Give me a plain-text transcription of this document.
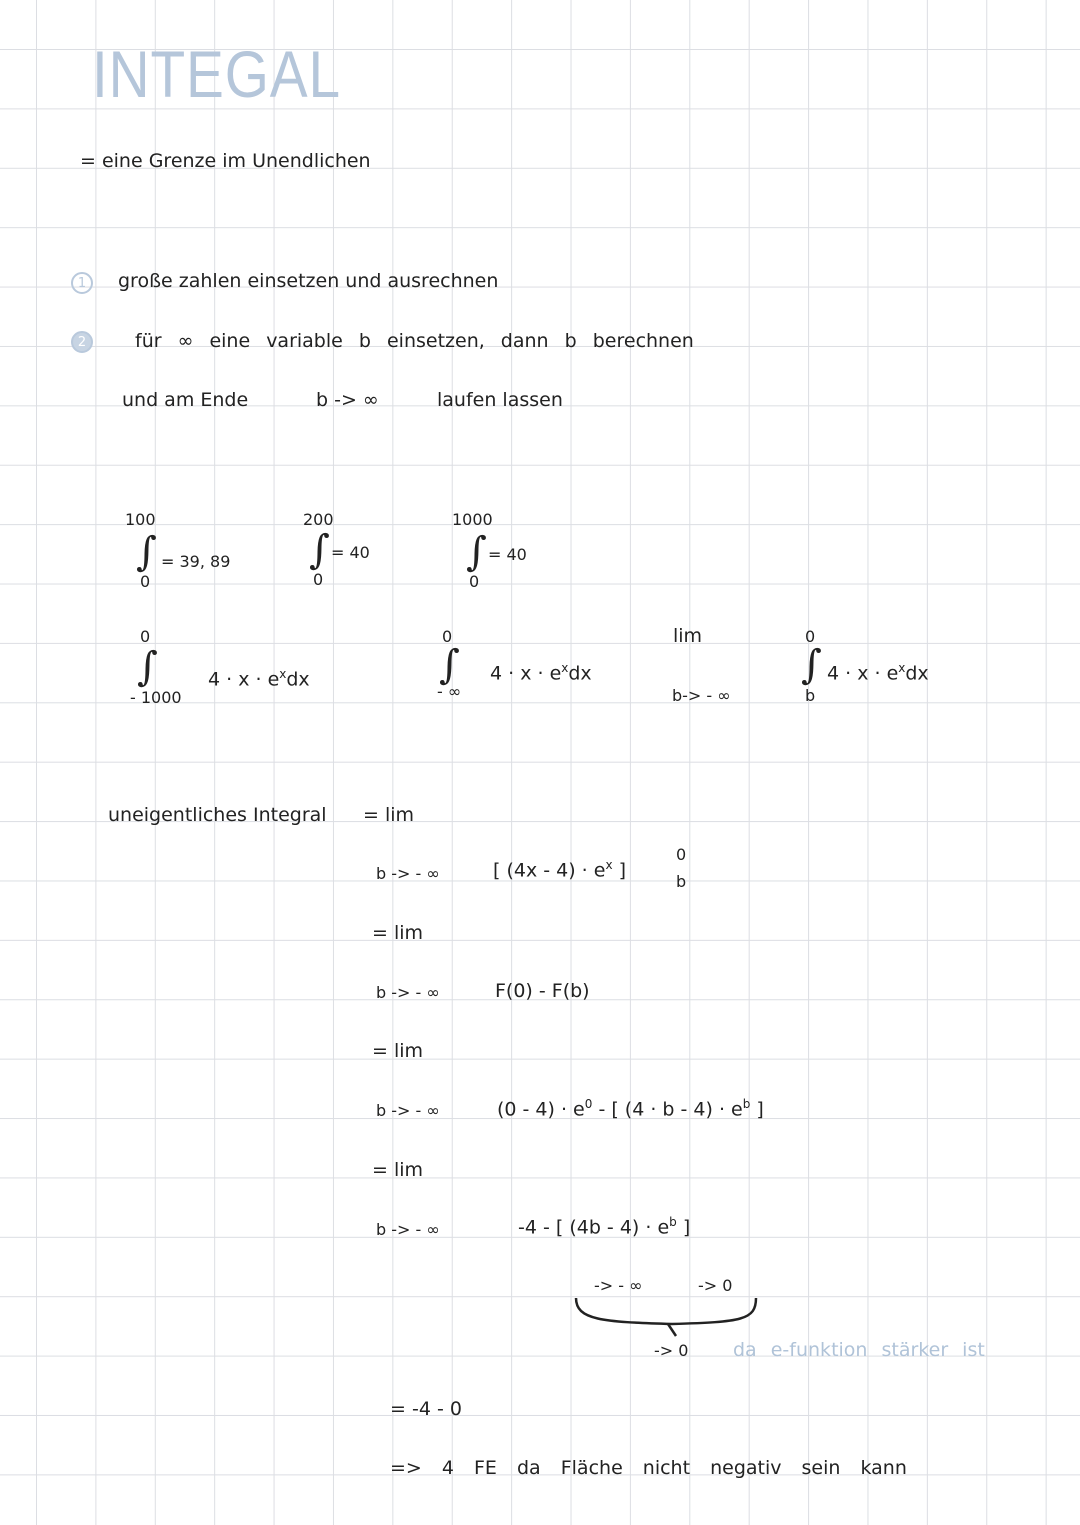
INTEGAL
= eine Grenze im Unendlichen
1	große zahlen einsetzen und ausrechnen
2	für ∞ eine variable b einsetzen, dann b berechnen
und am Ende	b -> ∞	laufen lassen
100
∫ = 39, 89
0
200
∫ = 40
0
1000
∫ = 40
0
0
∫	$4 \cdot x \cdot e^xdx$
- 1000
0
∫ $4 \cdot x \cdot e^xdx$
- ∞
lim
b-> - ∞
0
∫ $4 \cdot x \cdot e^xdx$
b
uneigentliches Integral = lim
b -> - ∞	[ $(4x - 4) \cdot e^x$ ]
0
b
= lim
b -> - ∞	F(0) - F(b)
= lim
b -> - ∞	$(0 - 4) \cdot e^0$ - [ $(4 \cdot b - 4) \cdot e^b$ ]
= lim
b -> - ∞	-4 - [ $(4b - 4) \cdot e^b$ ]
-> - ∞	-> 0
-> 0 da e-funktion stärker ist
= -4 - 0
=> 4 FE da Fläche nicht negativ sein kann
